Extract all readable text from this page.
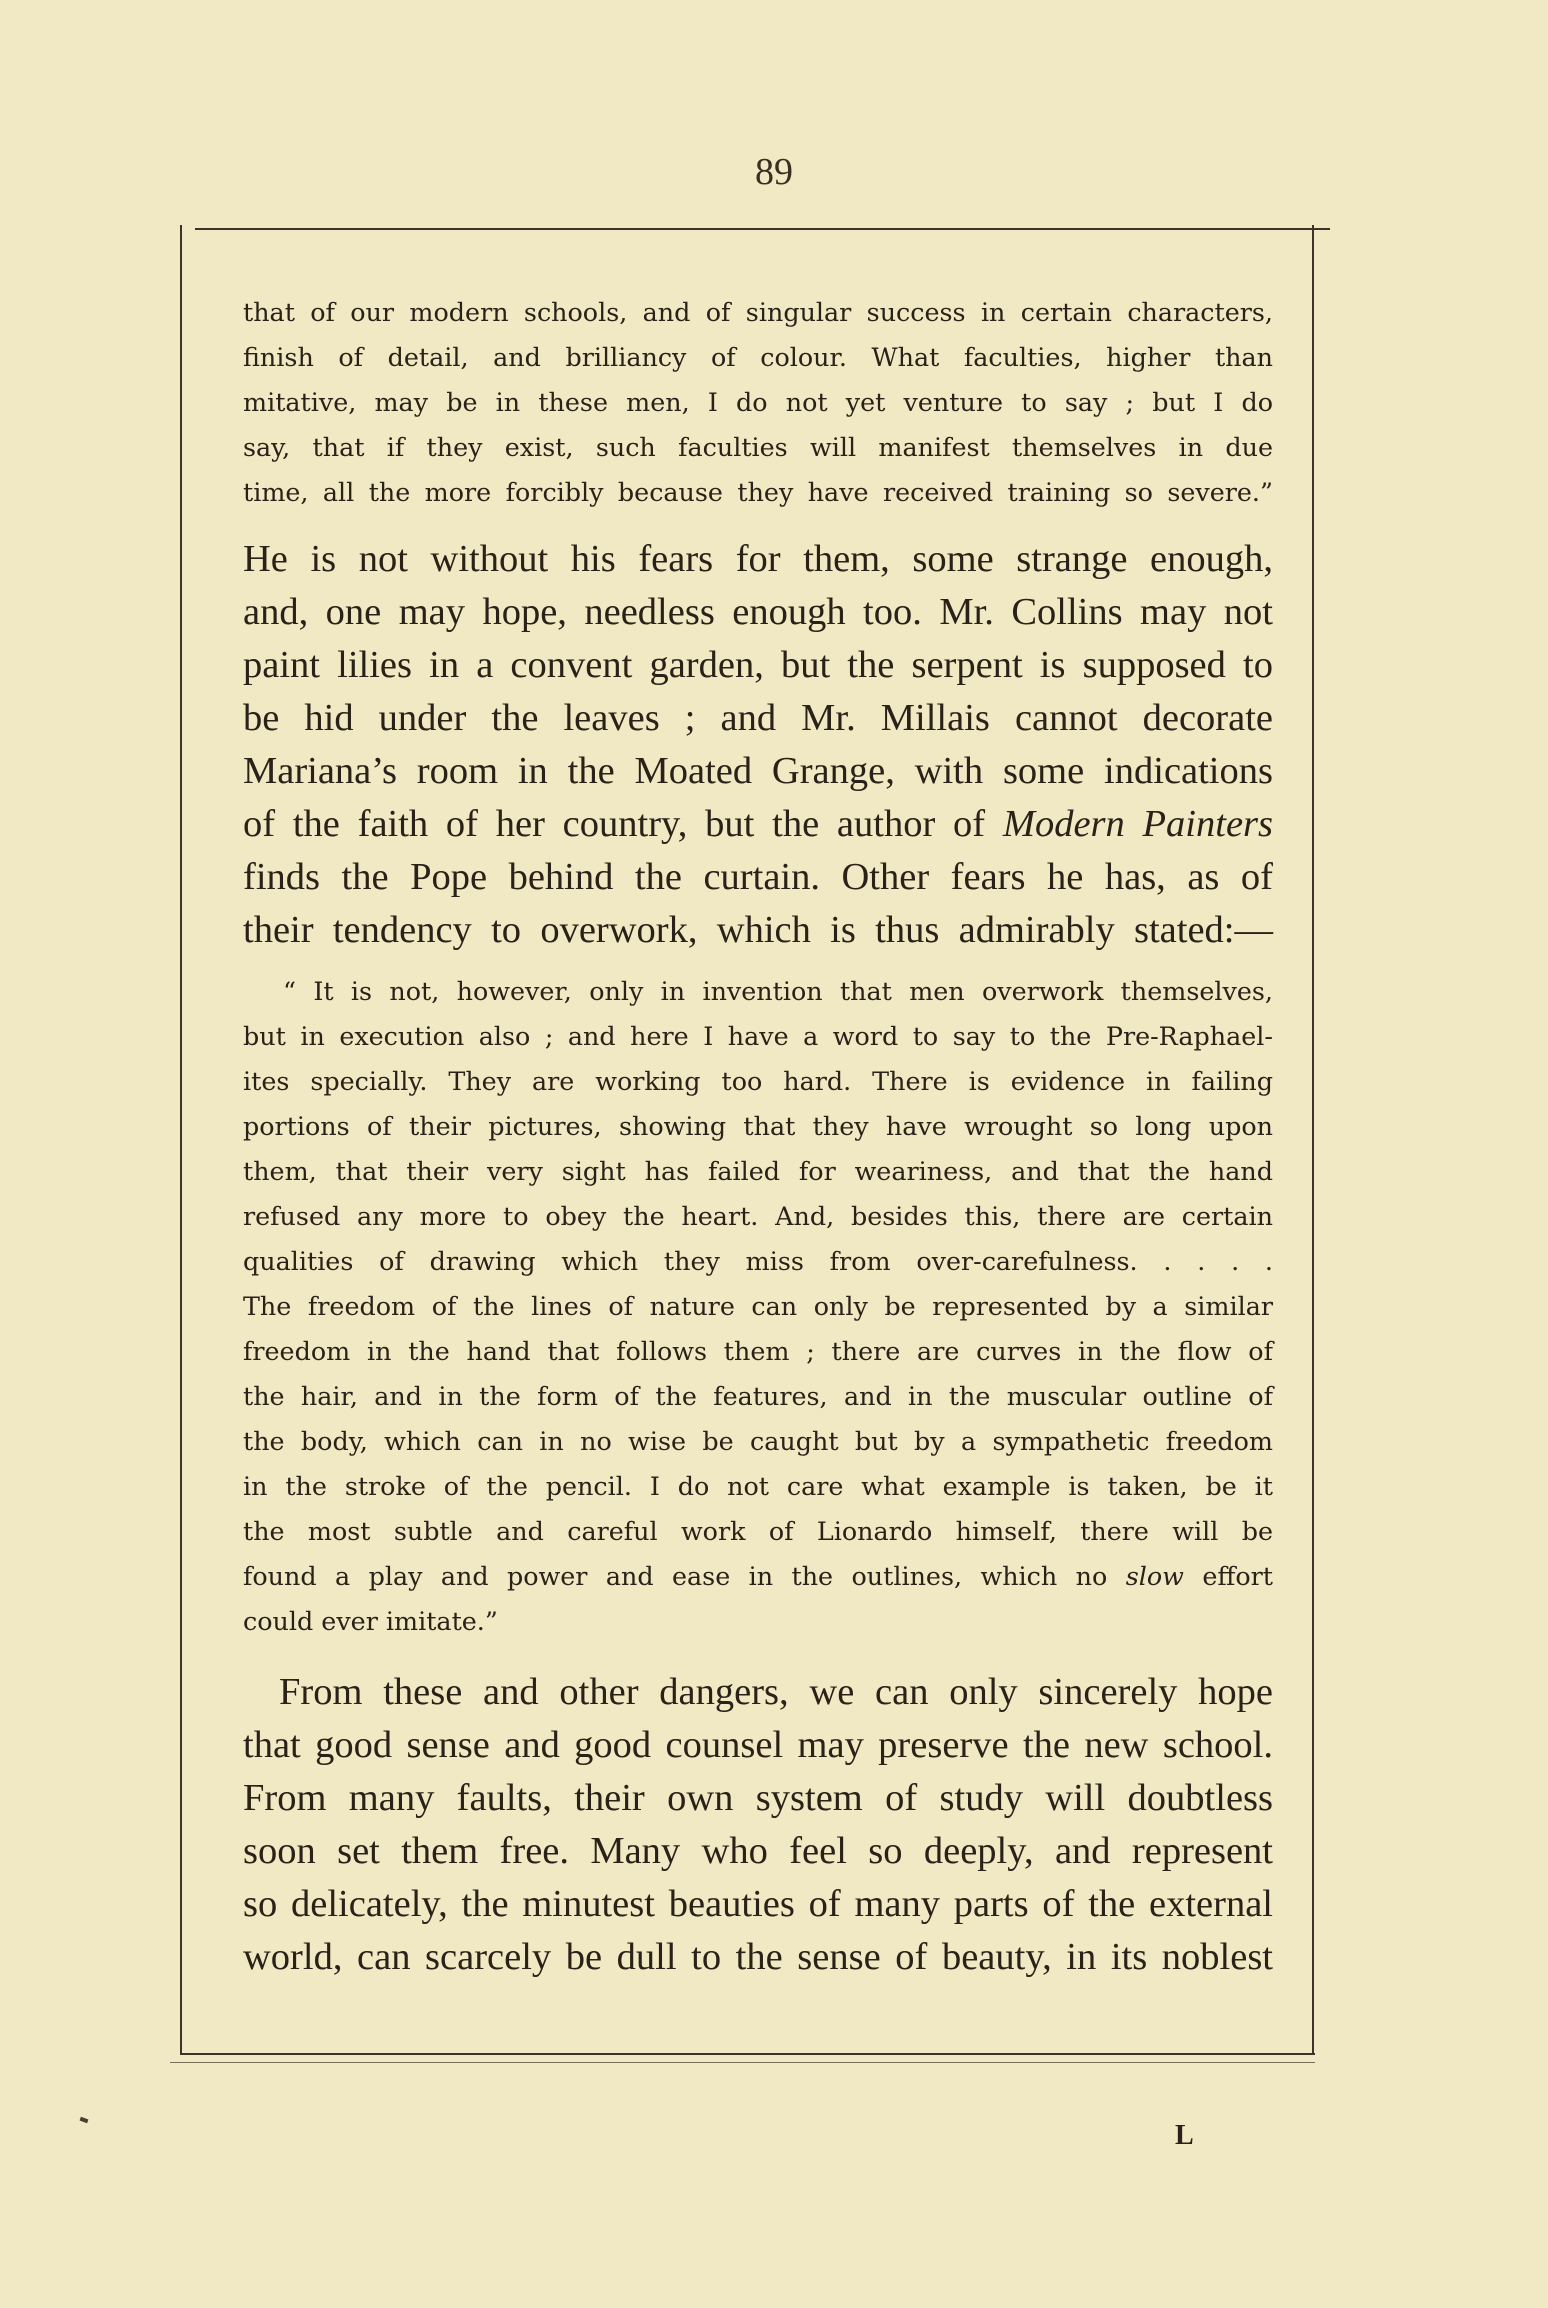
89

that of our modern schools, and of singular success in certain characters,

finish of detail, and brilliancy of colour. What faculties, higher than

mitative, may be in these men, I do not yet venture to say ; but I do

say, that if they exist, such faculties will manifest themselves in due

time, all the more forcibly because they have received training so severe.”

He is not without his fears for them, some strange enough,

and, one may hope, needless enough too. Mr. Collins may not

paint lilies in a convent garden, but the serpent is supposed to

be hid under the leaves ; and Mr. Millais cannot decorate

Mariana’s room in the Moated Grange, with some indications

of the faith of her country, but the author of Modern Painters

finds the Pope behind the curtain. Other fears he has, as of

their tendency to overwork, which is thus admirably stated:—

“ It is not, however, only in invention that men overwork themselves,

but in execution also ; and here I have a word to say to the Pre-Raphael-

ites specially. They are working too hard. There is evidence in failing

portions of their pictures, showing that they have wrought so long upon

them, that their very sight has failed for weariness, and that the hand

refused any more to obey the heart. And, besides this, there are certain

qualities of drawing which they miss from over-carefulness. . . . .

The freedom of the lines of nature can only be represented by a similar

freedom in the hand that follows them ; there are curves in the flow of

the hair, and in the form of the features, and in the muscular outline of

the body, which can in no wise be caught but by a sympathetic freedom

in the stroke of the pencil. I do not care what example is taken, be it

the most subtle and careful work of Lionardo himself, there will be

found a play and power and ease in the outlines, which no slow effort

could ever imitate.”

From these and other dangers, we can only sincerely hope

that good sense and good counsel may preserve the new school.

From many faults, their own system of study will doubtless

soon set them free. Many who feel so deeply, and represent

so delicately, the minutest beauties of many parts of the external

world, can scarcely be dull to the sense of beauty, in its noblest

L
